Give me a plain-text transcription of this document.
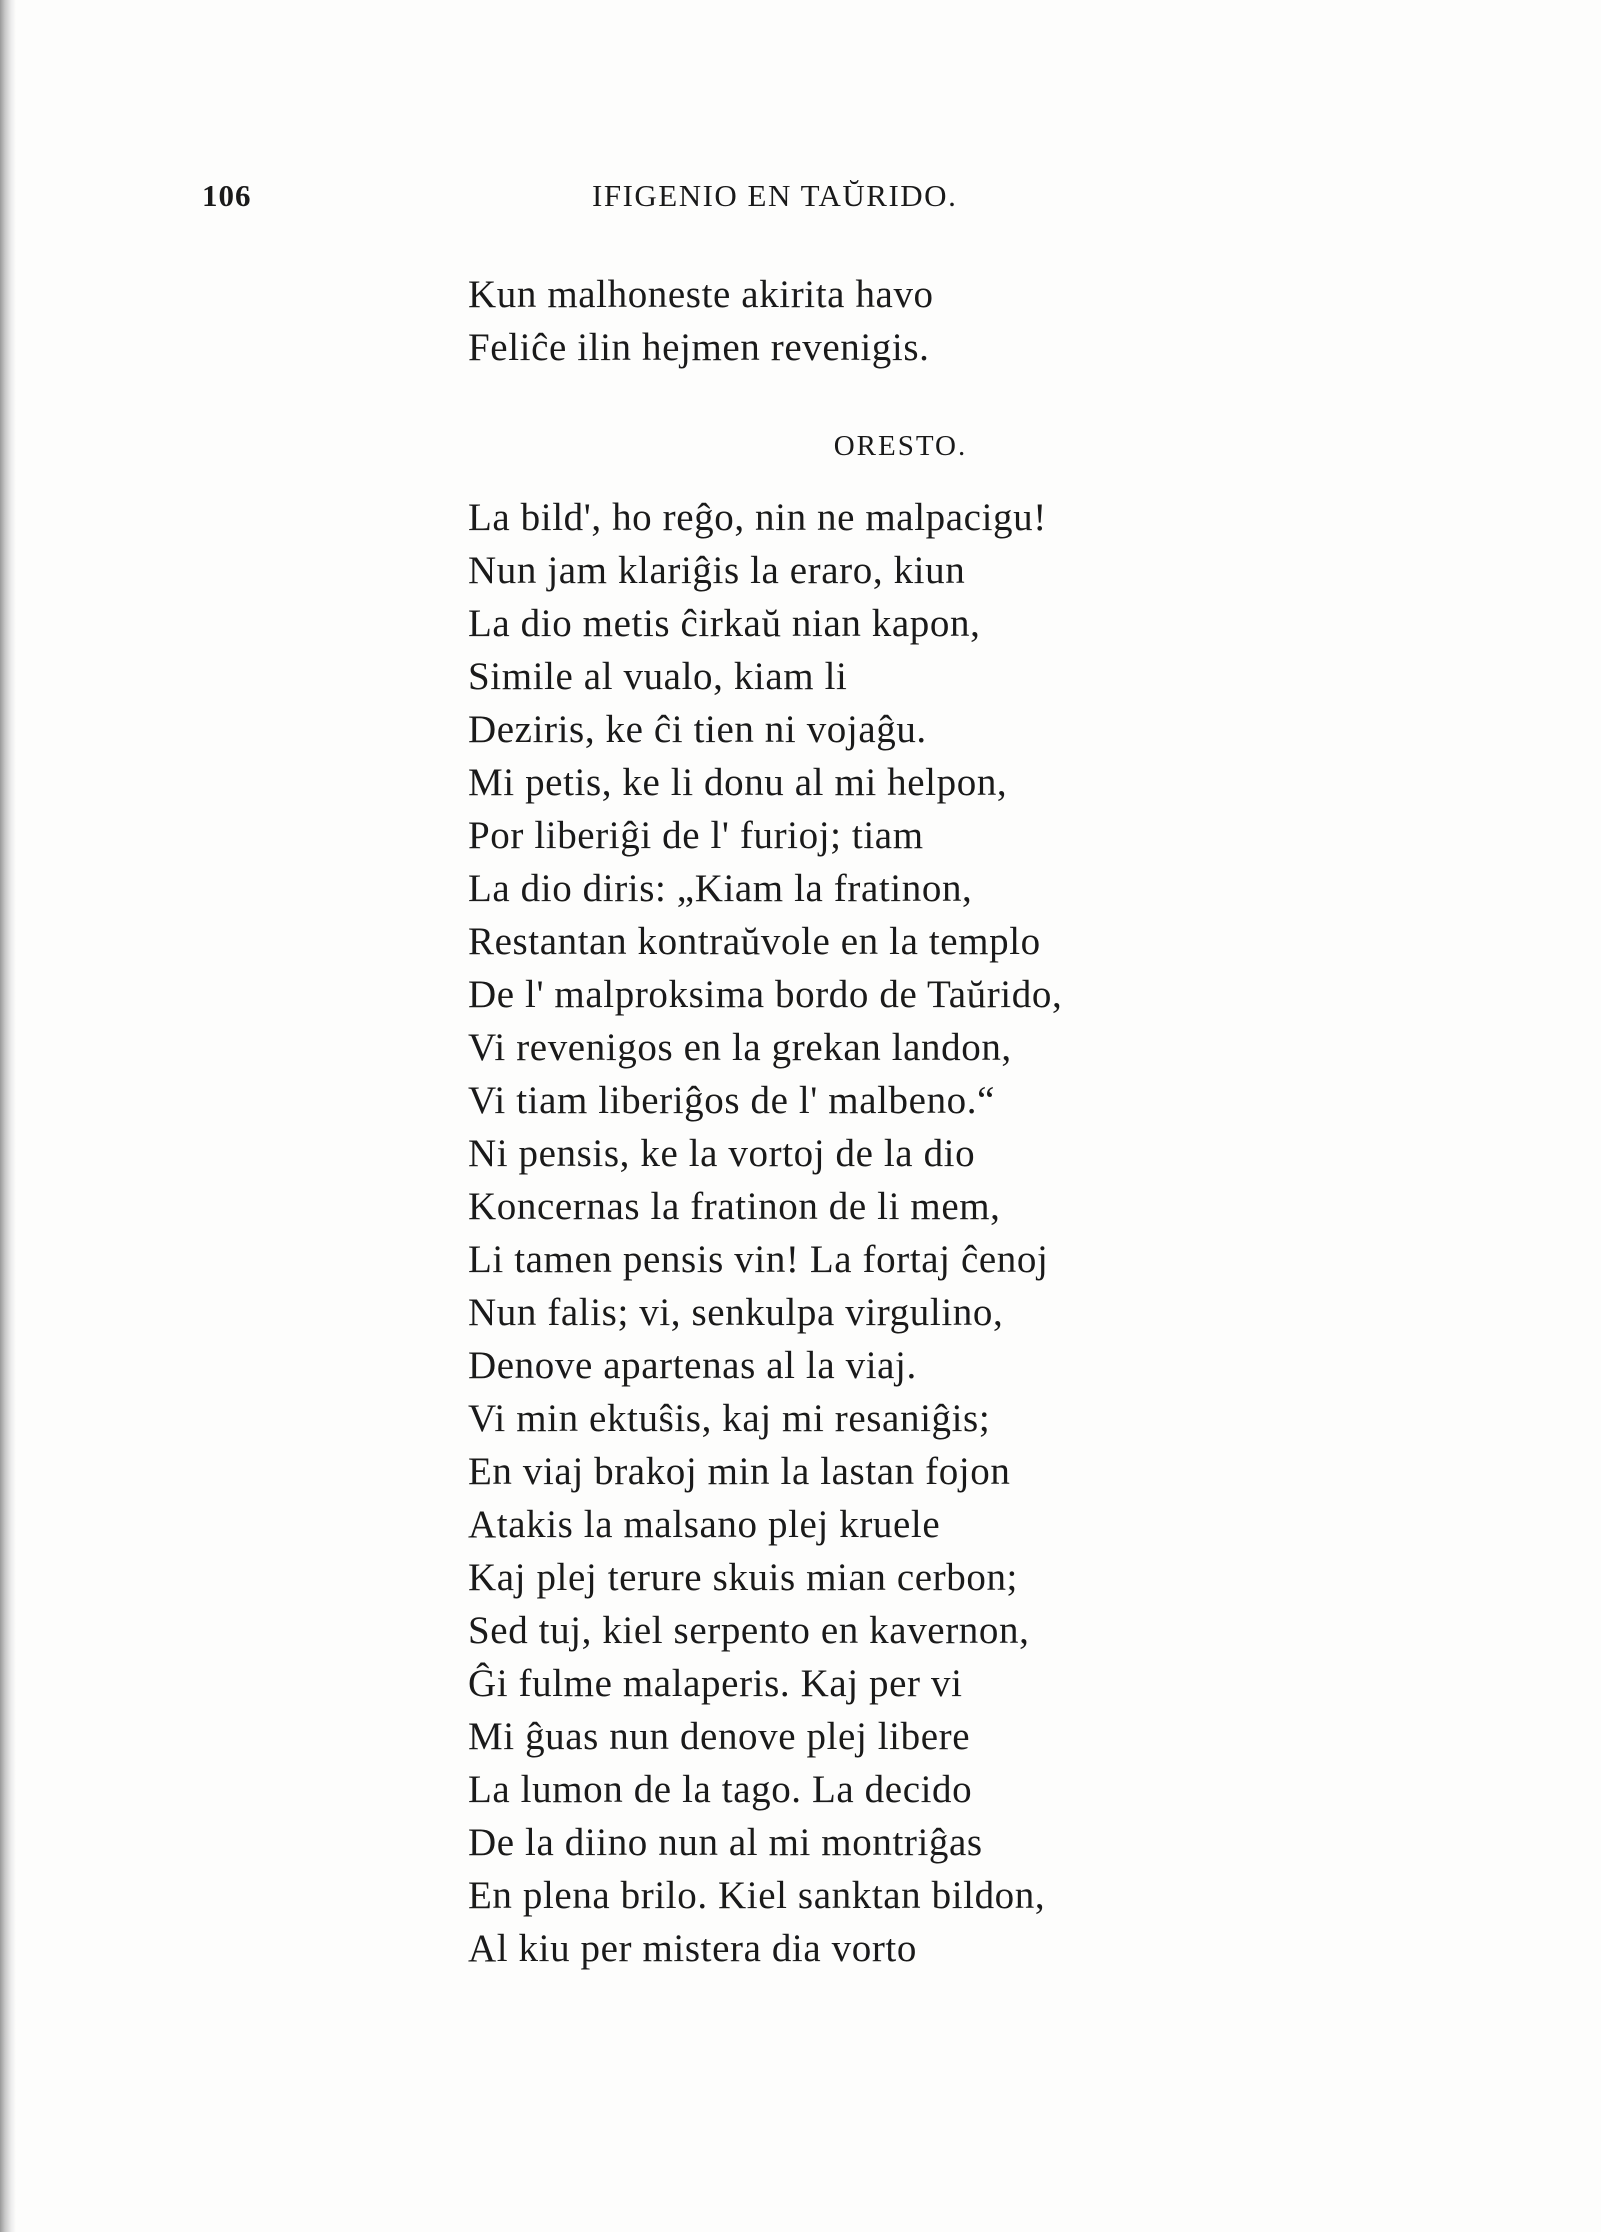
106	IFIGENIO EN TAŬRIDO.
Kun malhoneste akirita havo
Feliĉe ilin hejmen revenigis.
ORESTO.
La bild', ho reĝo, nin ne malpacigu!
Nun jam klariĝis la eraro, kiun
La dio metis ĉirkaŭ nian kapon,
Simile al vualo, kiam li
Deziris, ke ĉi tien ni vojaĝu.
Mi petis, ke li donu al mi helpon,
Por liberiĝi de l' furioj; tiam
La dio diris: „Kiam la fratinon,
Restantan kontraŭvole en la templo
De l' malproksima bordo de Taŭrido,
Vi revenigos en la grekan landon,
Vi tiam liberiĝos de l' malbeno.“
Ni pensis, ke la vortoj de la dio
Koncernas la fratinon de li mem,
Li tamen pensis vin! La fortaj ĉenoj
Nun falis; vi, senkulpa virgulino,
Denove apartenas al la viaj.
Vi min ektuŝis, kaj mi resaniĝis;
En viaj brakoj min la lastan fojon
Atakis la malsano plej kruele
Kaj plej terure skuis mian cerbon;
Sed tuj, kiel serpento en kavernon,
Ĝi fulme malaperis. Kaj per vi
Mi ĝuas nun denove plej libere
La lumon de la tago. La decido
De la diino nun al mi montriĝas
En plena brilo. Kiel sanktan bildon,
Al kiu per mistera dia vorto
